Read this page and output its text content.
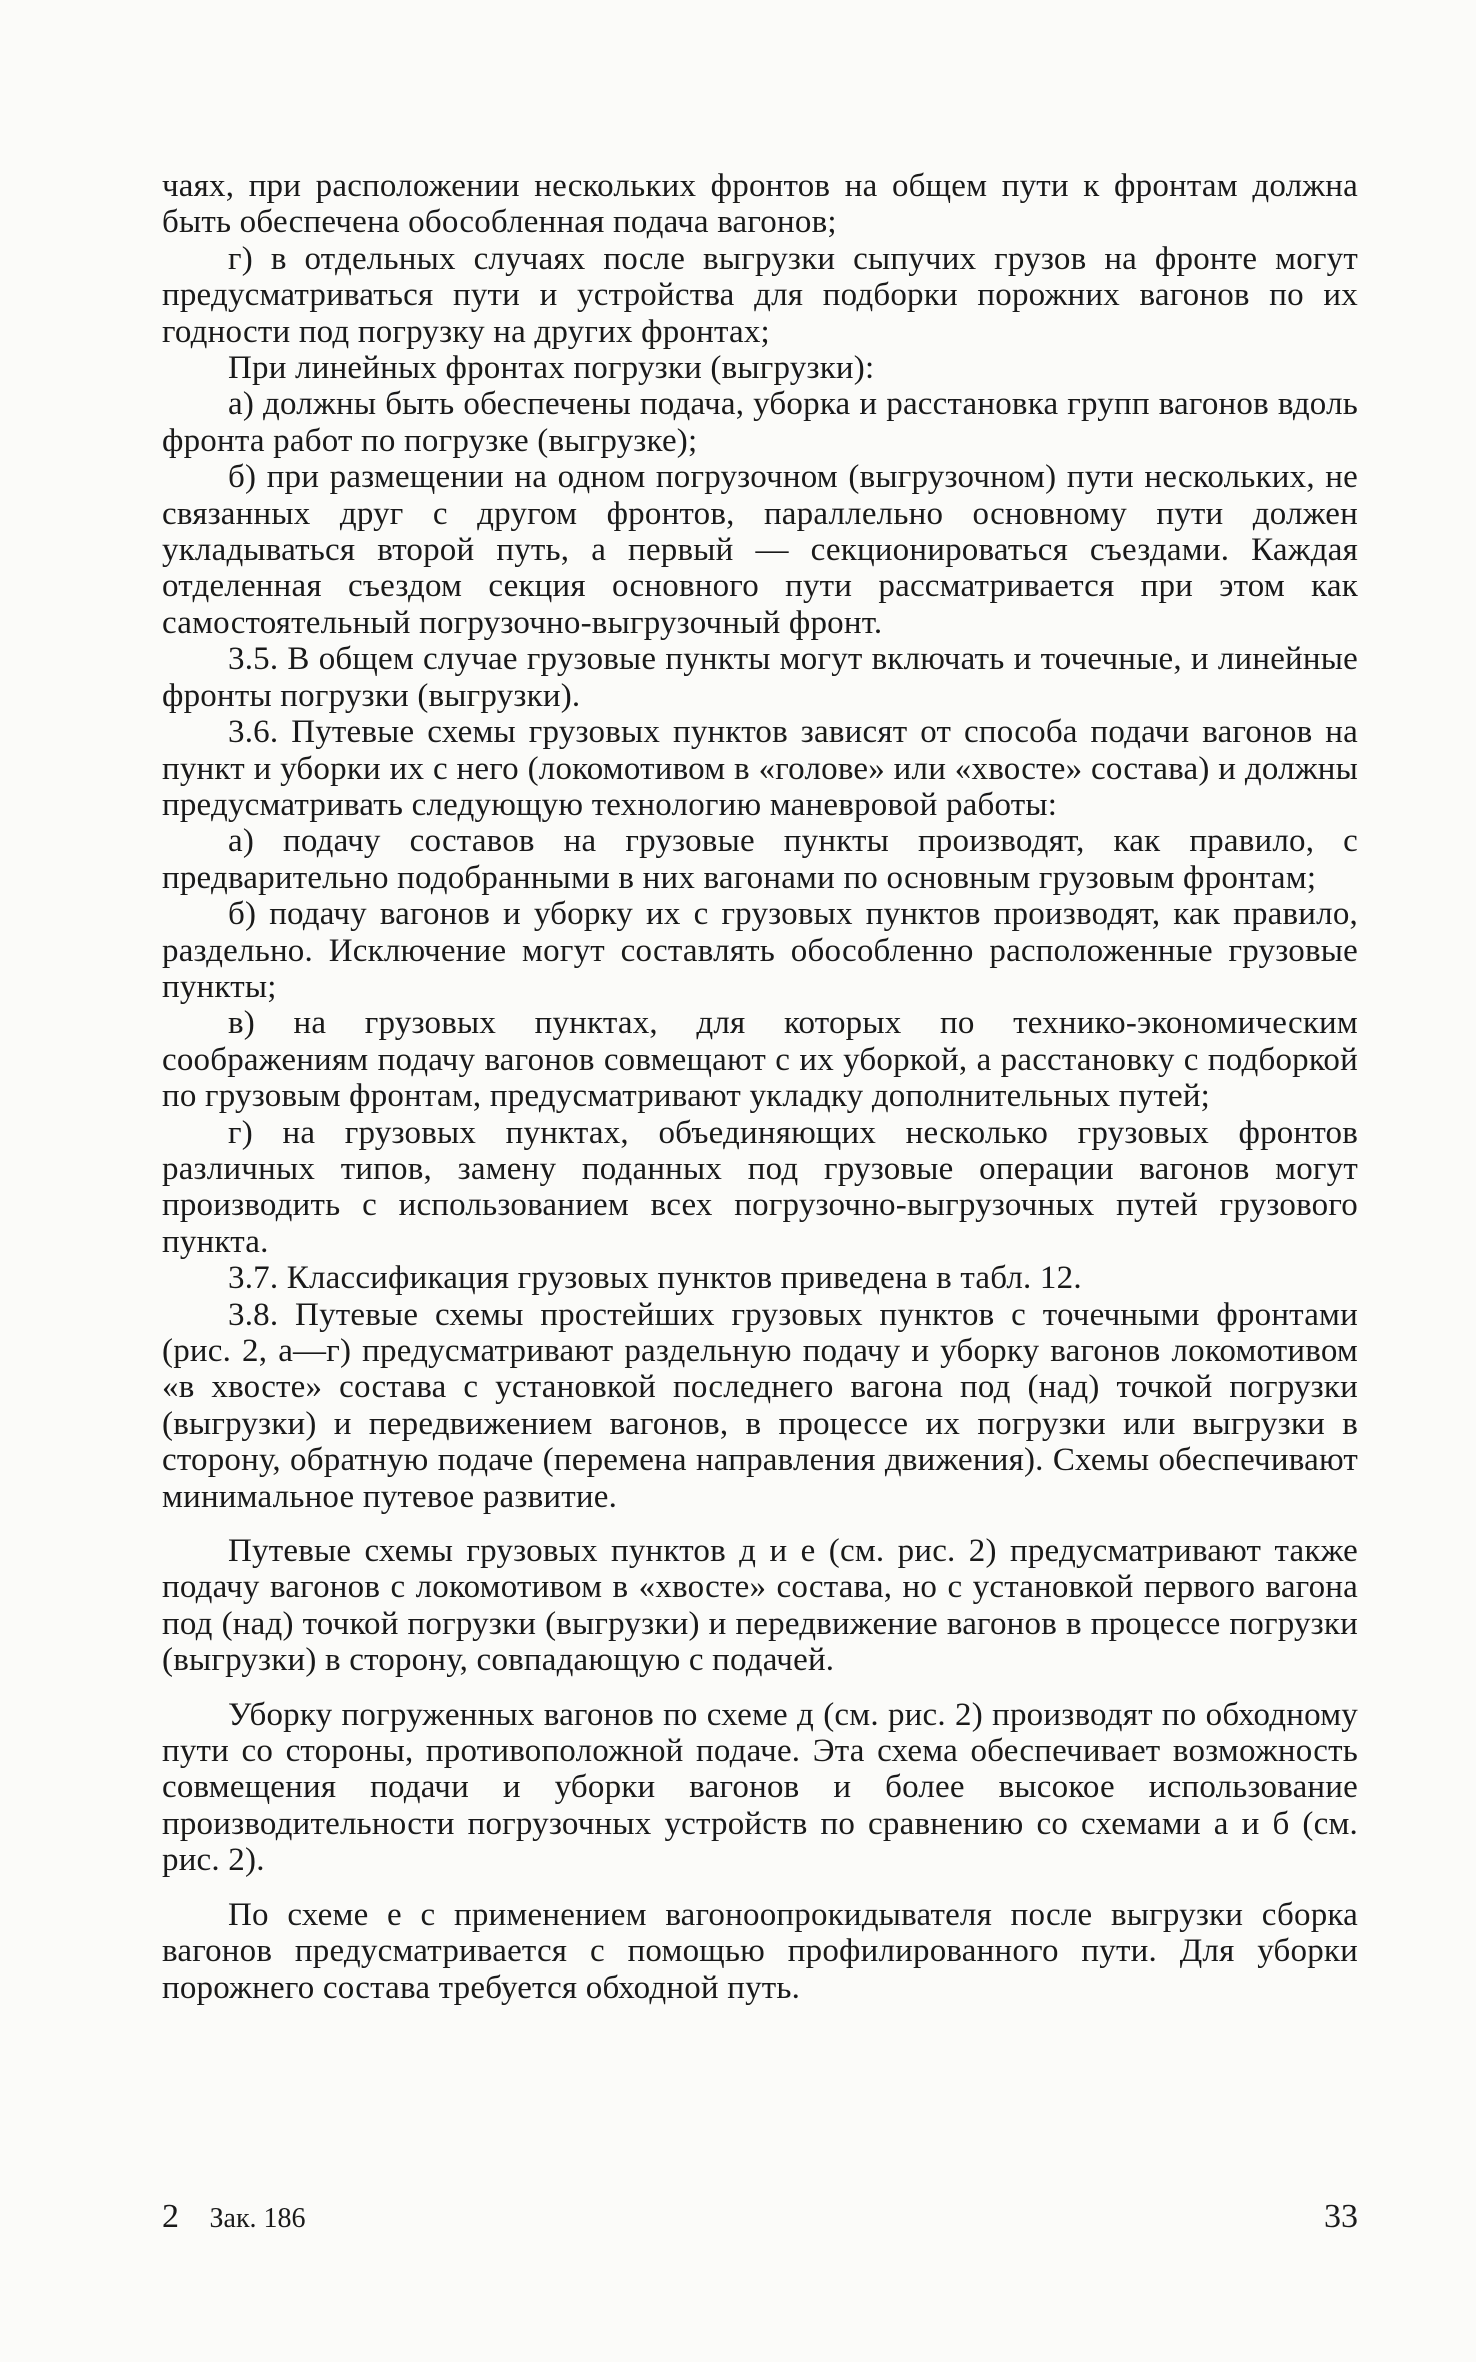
чаях, при расположении нескольких фронтов на общем пути к фронтам должна быть обеспечена обособленная подача вагонов;

г) в отдельных случаях после выгрузки сыпучих грузов на фронте могут предусматриваться пути и устройства для подборки порожних вагонов по их годности под погрузку на других фронтах;

При линейных фронтах погрузки (выгрузки):

а) должны быть обеспечены подача, уборка и расстановка групп вагонов вдоль фронта работ по погрузке (выгрузке);

б) при размещении на одном погрузочном (выгрузочном) пути нескольких, не связанных друг с другом фронтов, параллельно основному пути должен укладываться второй путь, а первый — секционироваться съездами. Каждая отделенная съездом секция основного пути рассматривается при этом как самостоятельный погрузочно-выгрузочный фронт.

3.5. В общем случае грузовые пункты могут включать и точечные, и линейные фронты погрузки (выгрузки).

3.6. Путевые схемы грузовых пунктов зависят от способа подачи вагонов на пункт и уборки их с него (локомотивом в «голове» или «хвосте» состава) и должны предусматривать следующую технологию маневровой работы:

а) подачу составов на грузовые пункты производят, как правило, с предварительно подобранными в них вагонами по основным грузовым фронтам;

б) подачу вагонов и уборку их с грузовых пунктов производят, как правило, раздельно. Исключение могут составлять обособленно расположенные грузовые пункты;

в) на грузовых пунктах, для которых по технико-экономическим соображениям подачу вагонов совмещают с их уборкой, а расстановку с подборкой по грузовым фронтам, предусматривают укладку дополнительных путей;

г) на грузовых пунктах, объединяющих несколько грузовых фронтов различных типов, замену поданных под грузовые операции вагонов могут производить с использованием всех погрузочно-выгрузочных путей грузового пункта.

3.7. Классификация грузовых пунктов приведена в табл. 12.

3.8. Путевые схемы простейших грузовых пунктов с точечными фронтами (рис. 2, а—г) предусматривают раздельную подачу и уборку вагонов локомотивом «в хвосте» состава с установкой последнего вагона под (над) точкой погрузки (выгрузки) и передвижением вагонов, в процессе их погрузки или выгрузки в сторону, обратную подаче (перемена направления движения). Схемы обеспечивают минимальное путевое развитие.

Путевые схемы грузовых пунктов д и е (см. рис. 2) предусматривают также подачу вагонов с локомотивом в «хвосте» состава, но с установкой первого вагона под (над) точкой погрузки (выгрузки) и передвижение вагонов в процессе погрузки (выгрузки) в сторону, совпадающую с подачей.

Уборку погруженных вагонов по схеме д (см. рис. 2) производят по обходному пути со стороны, противоположной подаче. Эта схема обеспечивает возможность совмещения подачи и уборки вагонов и более высокое использование производительности погрузочных устройств по сравнению со схемами а и б (см. рис. 2).

По схеме е с применением вагоноопрокидывателя после выгрузки сборка вагонов предусматривается с помощью профилированного пути. Для уборки порожнего состава требуется обходной путь.

2 Зак. 186	33
